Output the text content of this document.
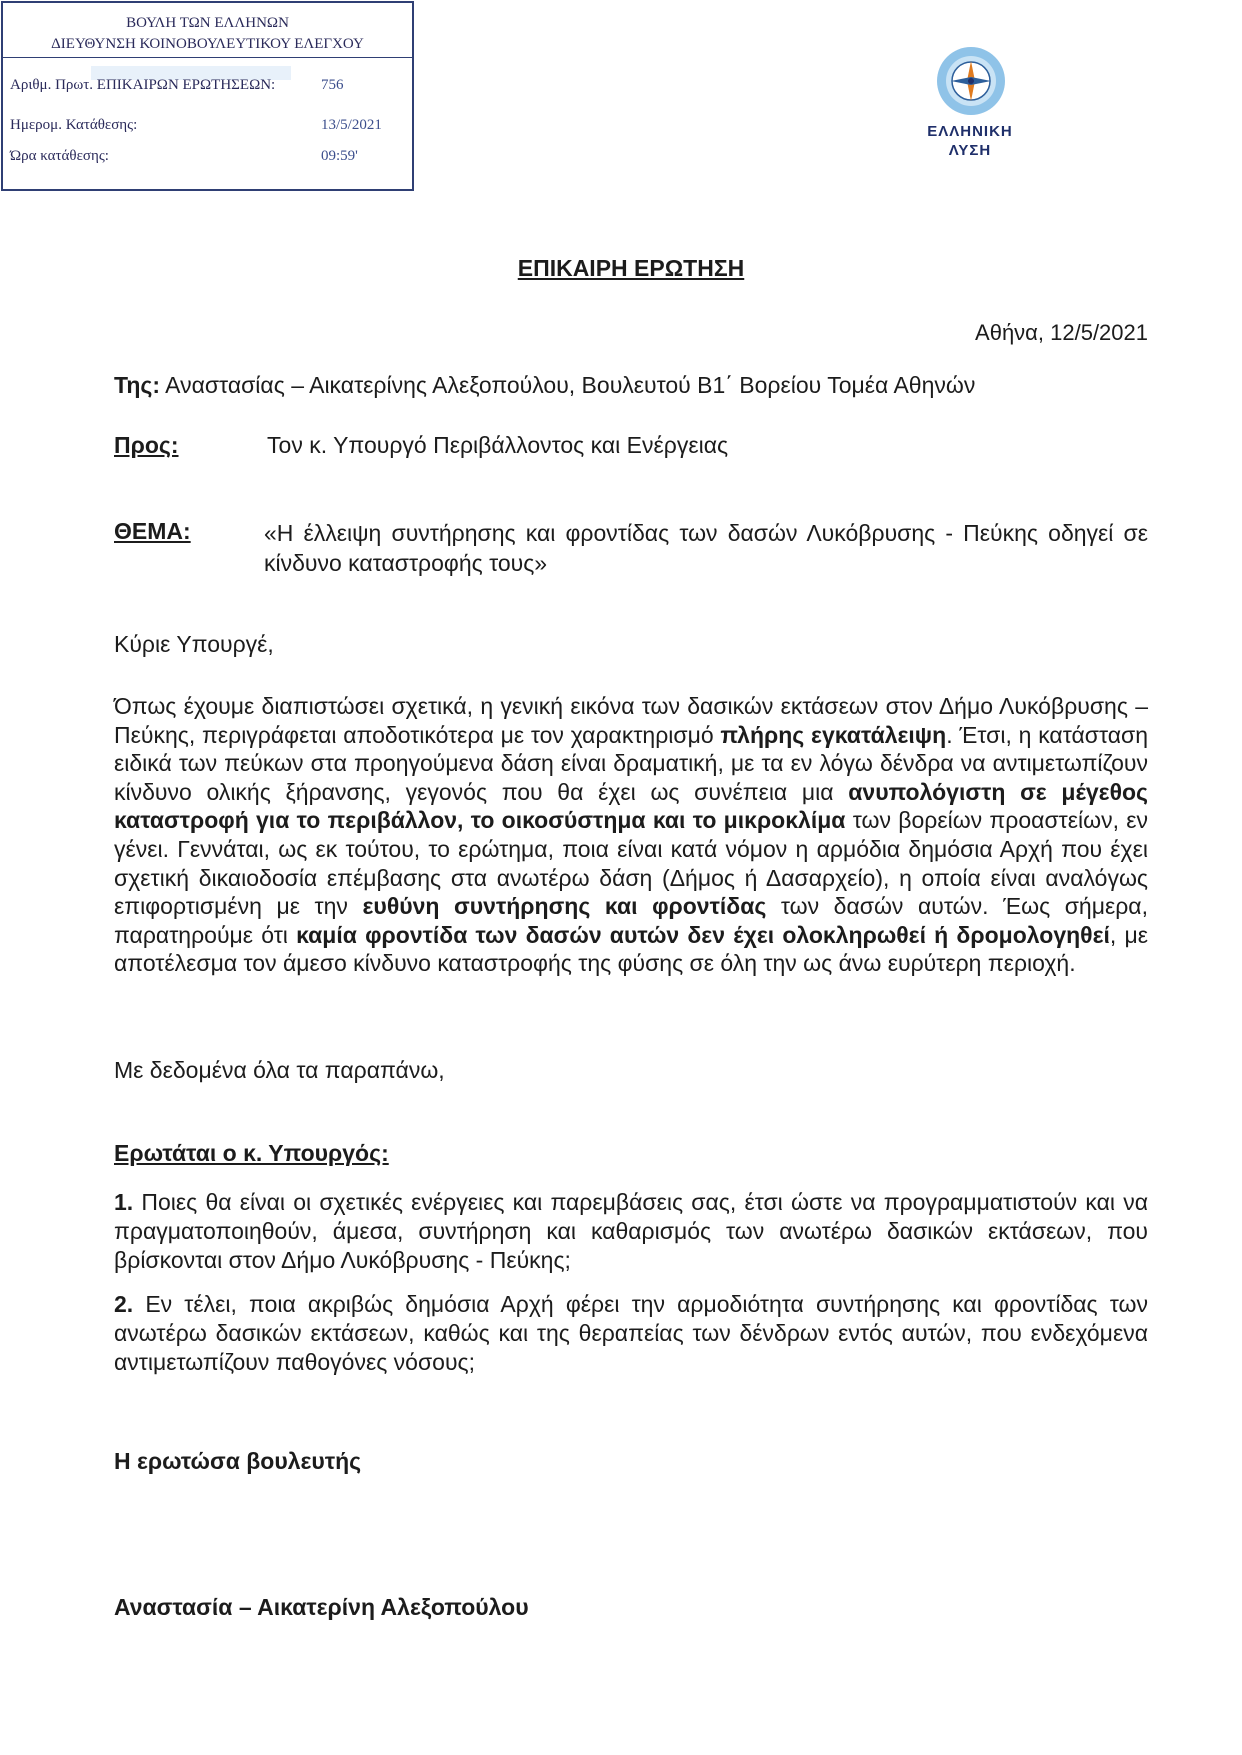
ΒΟΥΛΗ ΤΩΝ ΕΛΛΗΝΩΝ
ΔΙΕΥΘΥΝΣΗ ΚΟΙΝΟΒΟΥΛΕΥΤΙΚΟΥ ΕΛΕΓΧΟΥ
Αριθμ. Πρωτ. ΕΠΙΚΑΙΡΩΝ ΕΡΩΤΗΣΕΩΝ:	756
Ημερομ. Κατάθεσης:	13/5/2021
Ώρα κατάθεσης:	09:59'
ΕΛΛΗΝΙΚΗ
ΛΥΣΗ
ΕΠΙΚΑΙΡΗ ΕΡΩΤΗΣΗ
Αθήνα, 12/5/2021
Της: Αναστασίας – Αικατερίνης Αλεξοπούλου, Βουλευτού Β1΄ Βορείου Τομέα Αθηνών
Προς:	Τον κ. Υπουργό Περιβάλλοντος και Ενέργειας
ΘΕΜΑ:	«Η έλλειψη συντήρησης και φροντίδας των δασών Λυκόβρυσης - Πεύκης οδηγεί σε κίνδυνο καταστροφής τους»
Κύριε Υπουργέ,
Όπως έχουμε διαπιστώσει σχετικά, η γενική εικόνα των δασικών εκτάσεων στον Δήμο Λυκόβρυσης – Πεύκης, περιγράφεται αποδοτικότερα με τον χαρακτηρισμό πλήρης εγκατάλειψη. Έτσι, η κατάσταση ειδικά των πεύκων στα προηγούμενα δάση είναι δραματική, με τα εν λόγω δένδρα να αντιμετωπίζουν κίνδυνο ολικής ξήρανσης, γεγονός που θα έχει ως συνέπεια μια ανυπολόγιστη σε μέγεθος καταστροφή για το περιβάλλον, το οικοσύστημα και το μικροκλίμα των βορείων προαστείων, εν γένει. Γεννάται, ως εκ τούτου, το ερώτημα, ποια είναι κατά νόμον η αρμόδια δημόσια Αρχή που έχει σχετική δικαιοδοσία επέμβασης στα ανωτέρω δάση (Δήμος ή Δασαρχείο), η οποία είναι αναλόγως επιφορτισμένη με την ευθύνη συντήρησης και φροντίδας των δασών αυτών. Έως σήμερα, παρατηρούμε ότι καμία φροντίδα των δασών αυτών δεν έχει ολοκληρωθεί ή δρομολογηθεί, με αποτέλεσμα τον άμεσο κίνδυνο καταστροφής της φύσης σε όλη την ως άνω ευρύτερη περιοχή.
Με δεδομένα όλα τα παραπάνω,
Ερωτάται ο κ. Υπουργός:
1. Ποιες θα είναι οι σχετικές ενέργειες και παρεμβάσεις σας, έτσι ώστε να προγραμματιστούν και να πραγματοποιηθούν, άμεσα, συντήρηση και καθαρισμός των ανωτέρω δασικών εκτάσεων, που βρίσκονται στον Δήμο Λυκόβρυσης - Πεύκης;
2. Εν τέλει, ποια ακριβώς δημόσια Αρχή φέρει την αρμοδιότητα συντήρησης και φροντίδας των ανωτέρω δασικών εκτάσεων, καθώς και της θεραπείας των δένδρων εντός αυτών, που ενδεχόμενα αντιμετωπίζουν παθογόνες νόσους;
Η ερωτώσα βουλευτής
Αναστασία – Αικατερίνη Αλεξοπούλου
